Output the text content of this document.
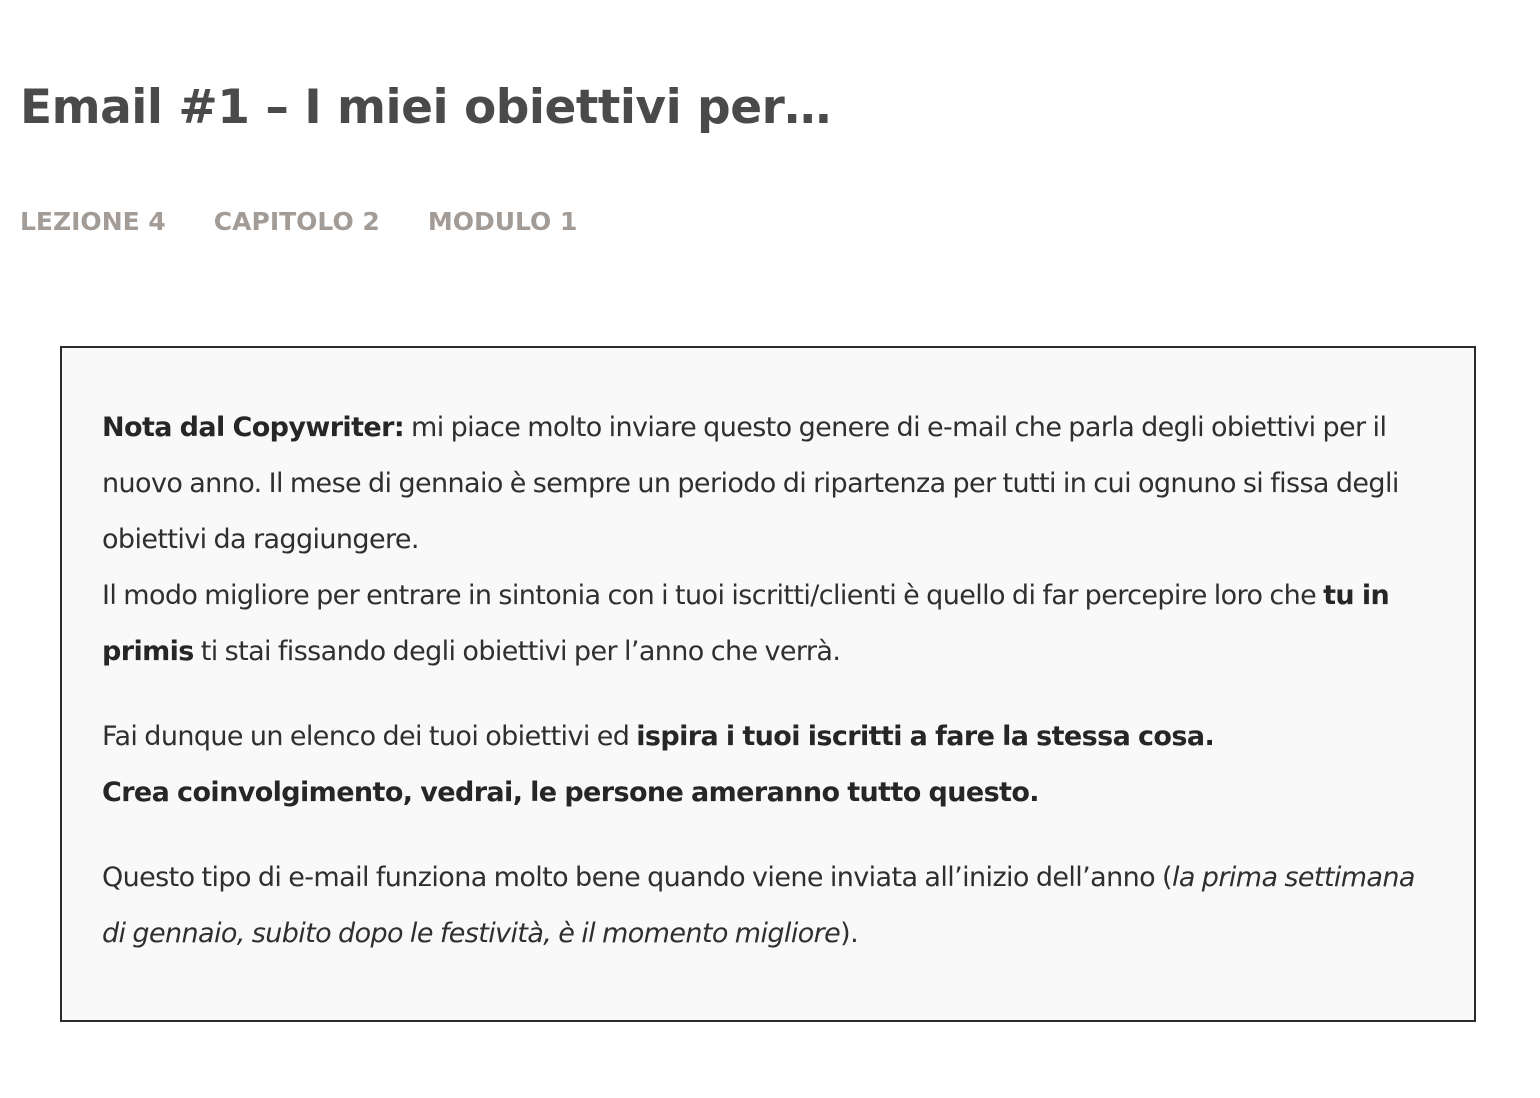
Email #1 – I miei obiettivi per…
LEZIONE 4 CAPITOLO 2 MODULO 1

Nota dal Copywriter: mi piace molto inviare questo genere di e-mail che parla degli obiettivi per il nuovo anno. Il mese di gennaio è sempre un periodo di ripartenza per tutti in cui ognuno si fissa degli obiettivi da raggiungere.
Il modo migliore per entrare in sintonia con i tuoi iscritti/clienti è quello di far percepire loro che tu in primis ti stai fissando degli obiettivi per l’anno che verrà.

Fai dunque un elenco dei tuoi obiettivi ed ispira i tuoi iscritti a fare la stessa cosa.
Crea coinvolgimento, vedrai, le persone ameranno tutto questo.

Questo tipo di e-mail funziona molto bene quando viene inviata all’inizio dell’anno (la prima settimana di gennaio, subito dopo le festività, è il momento migliore).
